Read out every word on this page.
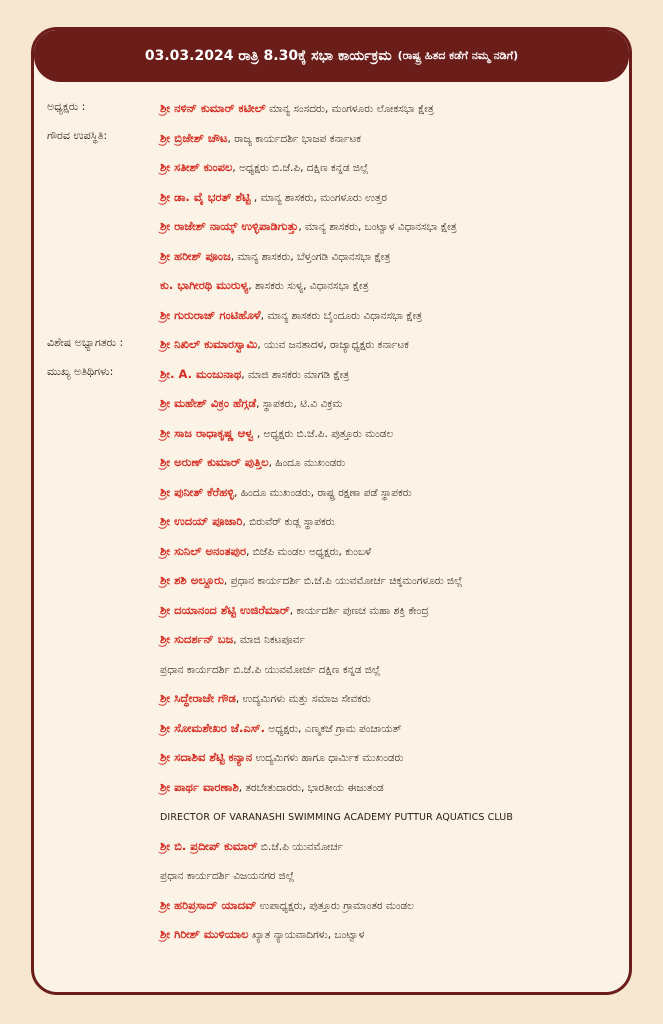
03.03.2024 ರಾತ್ರಿ 8.30ಕ್ಕೆ ಸಭಾ ಕಾರ್ಯಕ್ರಮ (ರಾಷ್ಟ್ರ ಹಿತದ ಕಡೆಗೆ ನಮ್ಮ ನಡಿಗೆ)
ಅಧ್ಯಕ್ಷರು :	ಶ್ರೀ ನಳಿನ್ ಕುಮಾರ್ ಕಟೀಲ್ ಮಾನ್ಯ ಸಂಸದರು, ಮಂಗಳೂರು ಲೋಕಸಭಾ ಕ್ಷೇತ್ರ
ಗೌರವ ಉಪಸ್ಥಿತಿ:	ಶ್ರೀ ಬ್ರಿಜೇಶ್ ಚೌಟ, ರಾಜ್ಯ ಕಾರ್ಯದರ್ಶಿ ಭಾಜಪ ಕರ್ನಾಟಕ
ಶ್ರೀ ಸತೀಶ್ ಕುಂಪಲ, ಅಧ್ಯಕ್ಷರು ಬಿ.ಜೆ.ಪಿ, ದಕ್ಷಿಣ ಕನ್ನಡ ಜಿಲ್ಲೆ
ಶ್ರೀ ಡಾ. ವೈ ಭರತ್ ಶೆಟ್ಟಿ , ಮಾನ್ಯ ಶಾಸಕರು, ಮಂಗಳೂರು ಉತ್ತರ
ಶ್ರೀ ರಾಜೇಶ್ ನಾಯ್ಕ್ ಉಳ್ಳಿಪಾಡಿಗುತ್ತು, ಮಾನ್ಯ ಶಾಸಕರು, ಬಂಟ್ವಾಳ ವಿಧಾನಸಭಾ ಕ್ಷೇತ್ರ
ಶ್ರೀ ಹರೀಶ್ ಪೂಂಜ, ಮಾನ್ಯ ಶಾಸಕರು, ಬೆಳ್ತಂಗಡಿ ವಿಧಾನಸಭಾ ಕ್ಷೇತ್ರ
ಕು. ಭಾಗೀರಥಿ ಮುರುಳ್ಯ, ಶಾಸಕರು ಸುಳ್ಯ, ವಿಧಾನಸಭಾ ಕ್ಷೇತ್ರ
ಶ್ರೀ ಗುರುರಾಜ್ ಗಂಟಿಹೊಳೆ, ಮಾನ್ಯ ಶಾಸಕರು ಬೈಂದೂರು ವಿಧಾನಸಭಾ ಕ್ಷೇತ್ರ
ವಿಶೇಷ ಅಭ್ಯಾಗತರು :	ಶ್ರೀ ನಿಖಿಲ್ ಕುಮಾರಸ್ವಾಮಿ, ಯುವ ಜನತಾದಳ, ರಾಜ್ಯಾಧ್ಯಕ್ಷರು ಕರ್ನಾಟಕ
ಮುಖ್ಯ ಅತಿಥಿಗಳು:	ಶ್ರೀ. A. ಮಂಜುನಾಥ, ಮಾಜಿ ಶಾಸಕರು ಮಾಗಡಿ ಕ್ಷೇತ್ರ
ಶ್ರೀ ಮಹೇಶ್ ವಿಕ್ರಂ ಹೆಗ್ಗಡೆ, ಸ್ಥಾಪಕರು, ಟಿ.ವಿ ವಿಕ್ರಮ
ಶ್ರೀ ಸಾಜ ರಾಧಾಕೃಷ್ಣ ಆಳ್ವ , ಅಧ್ಯಕ್ಷರು ಬಿ.ಜೆ.ಪಿ. ಪುತ್ತೂರು ಮಂಡಲ
ಶ್ರೀ ಅರುಣ್ ಕುಮಾರ್ ಪುತ್ತಿಲ, ಹಿಂದೂ ಮುಖಂಡರು
ಶ್ರೀ ಪುನೀತ್ ಕೆರೆಹಳ್ಳಿ, ಹಿಂದೂ ಮುಖಂಡರು, ರಾಷ್ಟ್ರ ರಕ್ಷಣಾ ಪಡೆ ಸ್ಥಾಪಕರು
ಶ್ರೀ ಉದಯ್ ಪೂಜಾರಿ, ಬಿರುವೆರ್ ಕುಡ್ಲ ಸ್ಥಾಪಕರು
ಶ್ರೀ ಸುನಿಲ್ ಅನಂತಪುರ, ಬಿಜೆಪಿ ಮಂಡಲ ಅಧ್ಯಕ್ಷರು, ಕುಂಬಳೆ
ಶ್ರೀ ಶಶಿ ಅಲ್ದೂರು, ಪ್ರಧಾನ ಕಾರ್ಯದರ್ಶಿ ಬಿ.ಜೆ.ಪಿ ಯುವಮೋರ್ಚ ಚಿಕ್ಕಮಂಗಳೂರು ಜಿಲ್ಲೆ
ಶ್ರೀ ದಯಾನಂದ ಶೆಟ್ಟಿ ಉಜಿರೆಮಾರ್, ಕಾರ್ಯದರ್ಶಿ ಪುಣಚ ಮಹಾ ಶಕ್ತಿ ಕೇಂದ್ರ
ಶ್ರೀ ಸುದರ್ಶನ್ ಬಜ, ಮಾಜಿ ನಿಕಟಪೂರ್ವ
ಪ್ರಧಾನ ಕಾರ್ಯದರ್ಶಿ ಬಿ.ಜೆ.ಪಿ ಯುವಮೋರ್ಚ ದಕ್ಷಿಣ ಕನ್ನಡ ಜಿಲ್ಲೆ
ಶ್ರೀ ಸಿದ್ಧೇರಾಜೇ ಗೌಡ, ಉದ್ಯಮಿಗಳು ಮತ್ತು ಸಮಾಜ ಸೇವಕರು
ಶ್ರೀ ಸೋಮಶೇಖರ ಜೆ.ಎಸ್. ಅಧ್ಯಕ್ಷರು, ಎಣ್ಮಕಜೆ ಗ್ರಾಮ ಪಂಚಾಯತ್
ಶ್ರೀ ಸದಾಶಿವ ಶೆಟ್ಟಿ ಕನ್ಯಾನ ಉದ್ಯಮಿಗಳು ಹಾಗೂ ಧಾರ್ಮಿಕ ಮುಖಂಡರು
ಶ್ರೀ ಪಾರ್ಥ ವಾರಣಾಶಿ, ತರಬೇತುದಾರರು, ಭಾರತೀಯ ಈಜುತಂಡ
DIRECTOR OF VARANASHI SWIMMING ACADEMY PUTTUR AQUATICS CLUB
ಶ್ರೀ ಬಿ. ಪ್ರದೀಪ್ ಕುಮಾರ್ ಬಿ.ಜೆ.ಪಿ ಯುವಮೋರ್ಚ
ಪ್ರಧಾನ ಕಾರ್ಯದರ್ಶಿ ವಿಜಯನಗರ ಜಿಲ್ಲೆ
ಶ್ರೀ ಹರಿಪ್ರಸಾದ್ ಯಾದವ್ ಉಪಾಧ್ಯಕ್ಷರು, ಪುತ್ತೂರು ಗ್ರಾಮಾಂತರ ಮಂಡಲ
ಶ್ರೀ ಗಿರೀಶ್ ಮುಳಿಯಾಲ ಖ್ಯಾತ ನ್ಯಾಯವಾದಿಗಳು, ಬಂಟ್ವಾಳ
